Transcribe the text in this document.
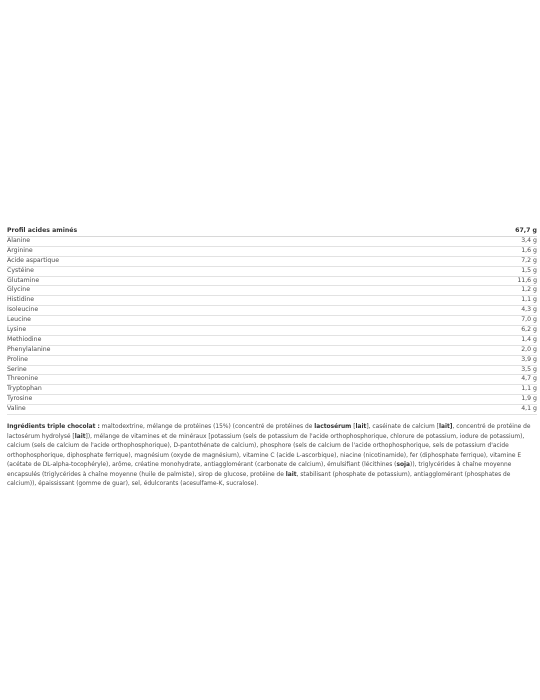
Profil acides aminés	67,7 g
Alanine	3,4 g
Arginine	1,6 g
Acide aspartique	7,2 g
Cystéine	1,5 g
Glutamine	11,6 g
Glycine	1,2 g
Histidine	1,1 g
Isoleucine	4,3 g
Leucine	7,0 g
Lysine	6,2 g
Methiodine	1,4 g
Phenylalanine	2,0 g
Proline	3,9 g
Serine	3,5 g
Threonine	4,7 g
Tryptophan	1,1 g
Tyrosine	1,9 g
Valine	4,1 g
Ingrédients triple chocolat : maltodextrine, mélange de protéines (15%) (concentré de protéines de lactosérum [lait], caséinate de calcium [lait], concentré de protéine de lactosérum hydrolysé [lait]), mélange de vitamines et de minéraux [potassium (sels de potassium de l'acide orthophosphorique, chlorure de potassium, iodure de potassium), calcium (sels de calcium de l'acide orthophosphorique), D-pantothénate de calcium), phosphore (sels de calcium de l'acide orthophosphorique, sels de potassium d'acide orthophosphorique, diphosphate ferrique), magnésium (oxyde de magnésium), vitamine C (acide L-ascorbique), niacine (nicotinamide), fer (diphosphate ferrique), vitamine E (acétate de DL-alpha-tocophéryle), arôme, créatine monohydrate, antiagglomérant (carbonate de calcium), émulsifiant (lécithines (soja)), triglycérides à chaîne moyenne encapsulés (triglycérides à chaîne moyenne (huile de palmiste), sirop de glucose, protéine de lait, stabilisant (phosphate de potassium), antiagglomérant (phosphates de calcium)), épaississant (gomme de guar), sel, édulcorants (acesulfame-K, sucralose).
